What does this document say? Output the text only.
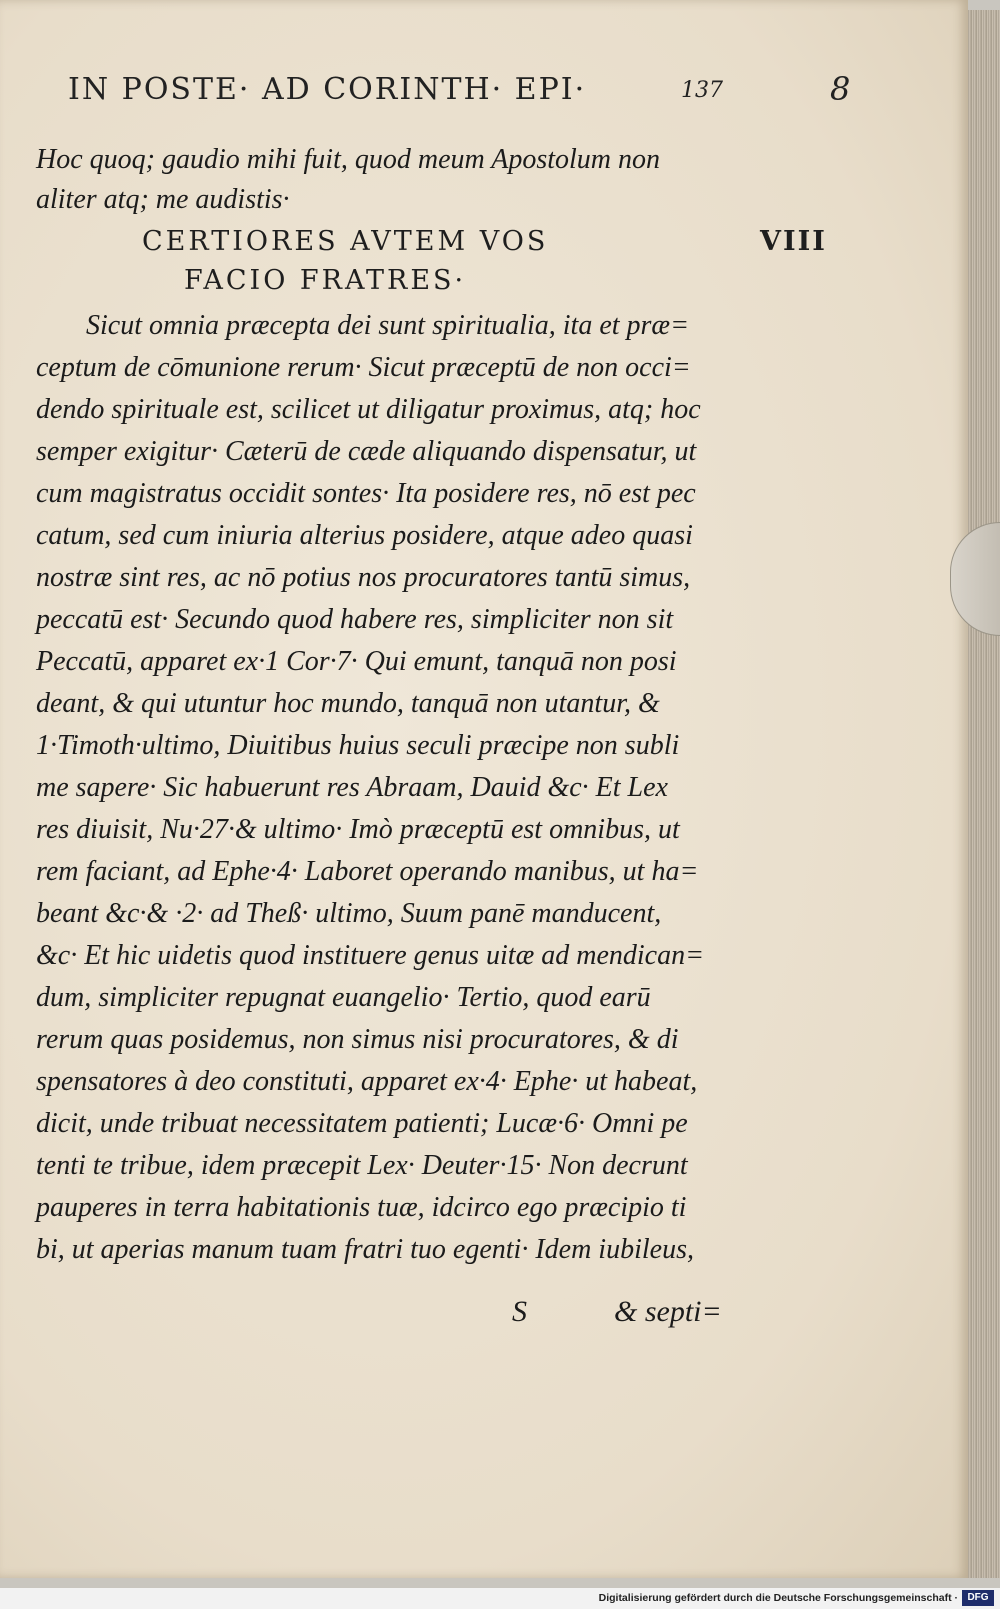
IN POSTE· AD CORINTH· EPI·	137	8
Hoc quoq; gaudio mihi fuit, quod meum Apostolum non
aliter atq; me audistis·
CERTIORES AVTEM VOS
FACIO FRATRES·
VIII
Sicut omnia præcepta dei sunt spiritualia, ita et præ=
ceptum de cōmunione rerum· Sicut præceptū de non occi=
dendo spirituale est, scilicet ut diligatur proximus, atq; hoc
semper exigitur· Cæterū de cæde aliquando dispensatur, ut
cum magistratus occidit sontes· Ita posidere res, nō est pec
catum, sed cum iniuria alterius posidere, atque adeo quasi
nostræ sint res, ac nō potius nos procuratores tantū simus,
peccatū est· Secundo quod habere res, simpliciter non sit
Peccatū, apparet ex·1 Cor·7· Qui emunt, tanquā non posi
deant, & qui utuntur hoc mundo, tanquā non utantur, &
1·Timoth·ultimo, Diuitibus huius seculi præcipe non subli
me sapere· Sic habuerunt res Abraam, Dauid &c· Et Lex
res diuisit, Nu·27·& ultimo· Imò præceptū est omnibus, ut
rem faciant, ad Ephe·4· Laboret operando manibus, ut ha=
beant &c·& ·2· ad Theß· ultimo, Suum panē manducent,
&c· Et hic uidetis quod instituere genus uitæ ad mendican=
dum, simpliciter repugnat euangelio· Tertio, quod earū
rerum quas posidemus, non simus nisi procuratores, & di
spensatores à deo constituti, apparet ex·4· Ephe· ut habeat,
dicit, unde tribuat necessitatem patienti; Lucæ·6· Omni pe
tenti te tribue, idem præcepit Lex· Deuter·15· Non decrunt
pauperes in terra habitationis tuæ, idcirco ego præcipio ti
bi, ut aperias manum tuam fratri tuo egenti· Idem iubileus,
S	& septi=
Digitalisierung gefördert durch die Deutsche Forschungsgemeinschaft · DFG
